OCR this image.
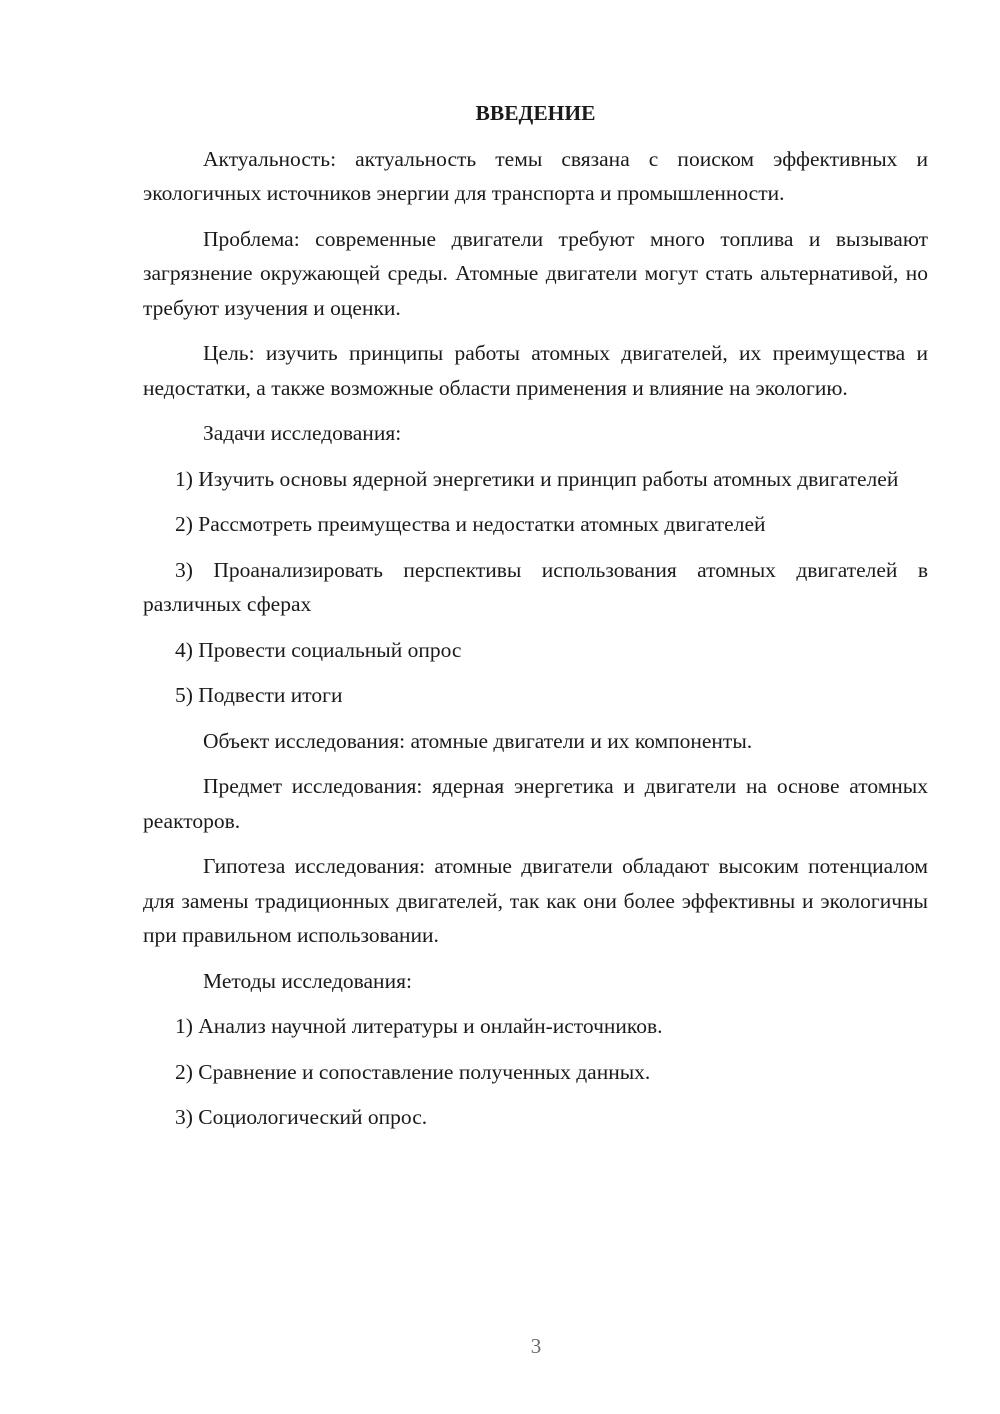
ВВЕДЕНИЕ

Актуальность: актуальность темы связана с поиском эффективных и экологичных источников энергии для транспорта и промышленности.

Проблема: современные двигатели требуют много топлива и вызывают загрязнение окружающей среды. Атомные двигатели могут стать альтернативой, но требуют изучения и оценки.

Цель: изучить принципы работы атомных двигателей, их преимущества и недостатки, а также возможные области применения и влияние на экологию.

Задачи исследования:

1) Изучить основы ядерной энергетики и принцип работы атомных двигателей

2) Рассмотреть преимущества и недостатки атомных двигателей

3) Проанализировать перспективы использования атомных двигателей в различных сферах

4) Провести социальный опрос

5) Подвести итоги

Объект исследования: атомные двигатели и их компоненты.

Предмет исследования: ядерная энергетика и двигатели на основе атомных реакторов.

Гипотеза исследования: атомные двигатели обладают высоким потенциалом для замены традиционных двигателей, так как они более эффективны и экологичны при правильном использовании.

Методы исследования:

1) Анализ научной литературы и онлайн-источников.

2) Сравнение и сопоставление полученных данных.

3) Социологический опрос.

3
